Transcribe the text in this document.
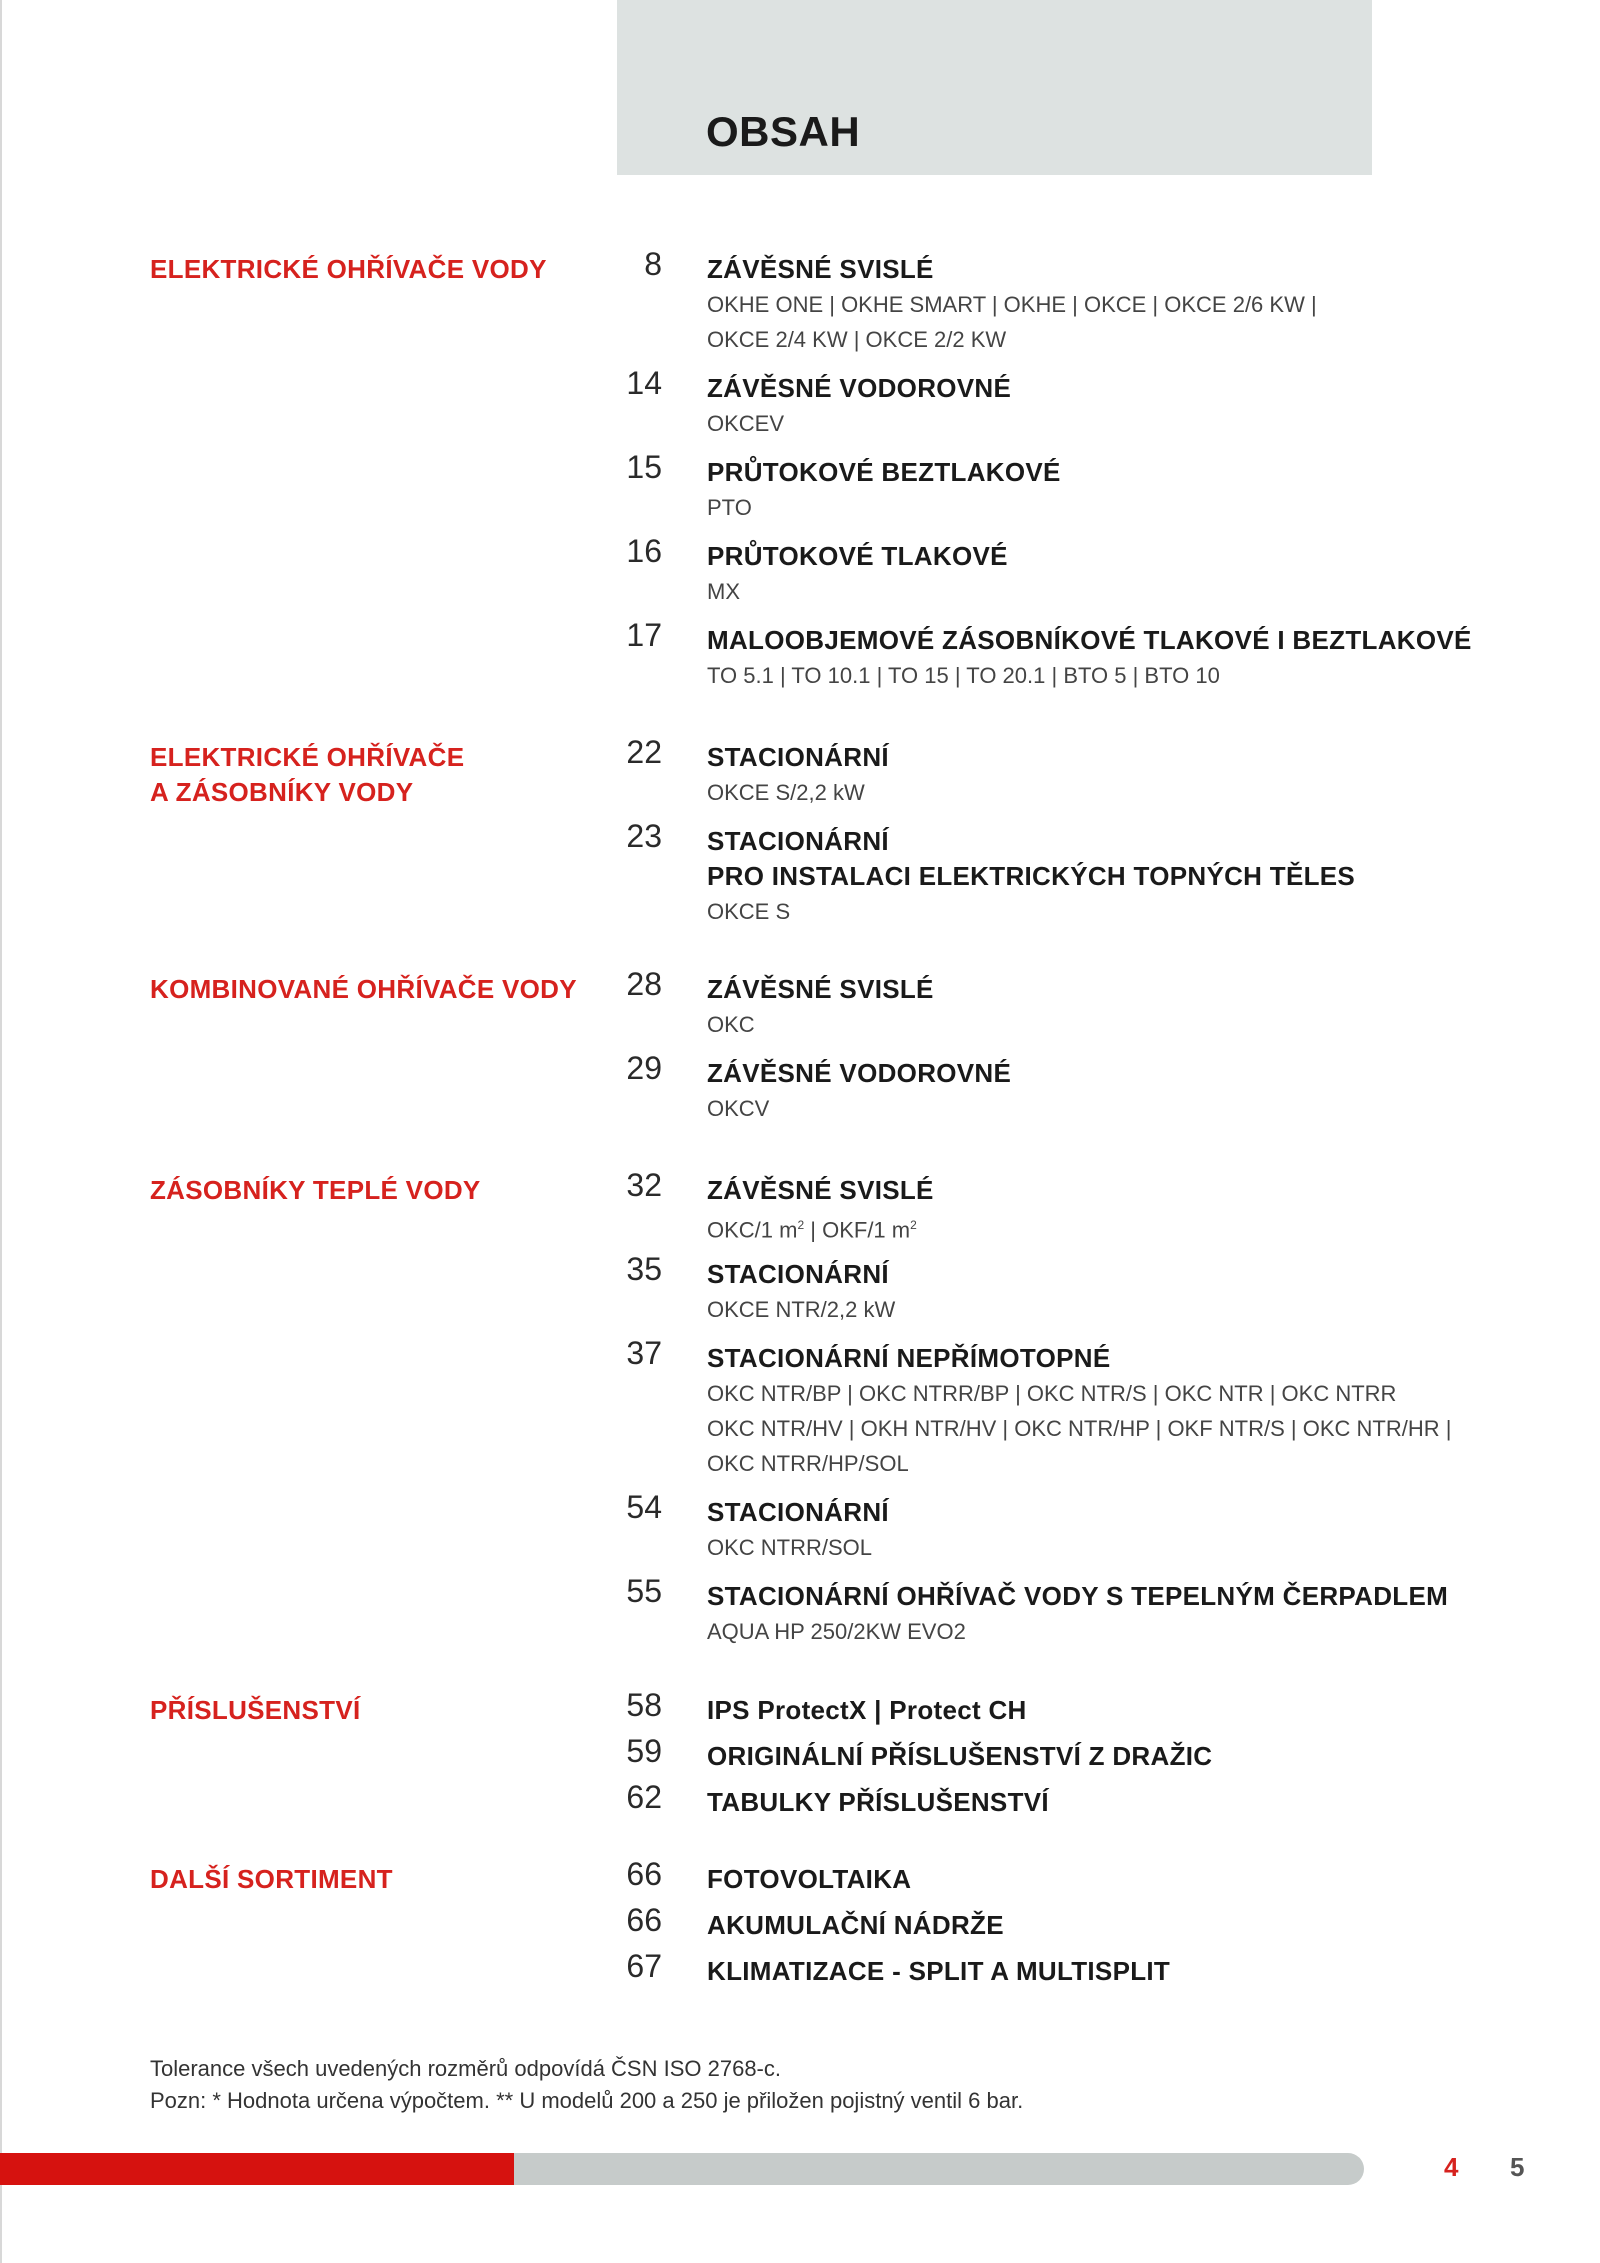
OBSAH
ELEKTRICKÉ OHŘÍVAČE VODY	8 ZÁVĚSNÉ SVISLÉ
OKHE ONE | OKHE SMART | OKHE | OKCE | OKCE 2/6 KW |
OKCE 2/4 KW | OKCE 2/2 KW
14 ZÁVĚSNÉ VODOROVNÉ
OKCEV
15 PRŮTOKOVÉ BEZTLAKOVÉ
PTO
16 PRŮTOKOVÉ TLAKOVÉ
MX
17 MALOOBJEMOVÉ ZÁSOBNÍKOVÉ TLAKOVÉ I BEZTLAKOVÉ
TO 5.1 | TO 10.1 | TO 15 | TO 20.1 | BTO 5 | BTO 10
ELEKTRICKÉ OHŘÍVAČE
A ZÁSOBNÍKY VODY
22 STACIONÁRNÍ
OKCE S/2,2 kW
23 STACIONÁRNÍ
PRO INSTALACI ELEKTRICKÝCH TOPNÝCH TĚLES
OKCE S
KOMBINOVANÉ OHŘÍVAČE VODY	28 ZÁVĚSNÉ SVISLÉ
OKC
29 ZÁVĚSNÉ VODOROVNÉ
OKCV
ZÁSOBNÍKY TEPLÉ VODY	32 ZÁVĚSNÉ SVISLÉ
OKC/1 $m^2$ | OKF/1 $m^2$
35 STACIONÁRNÍ
OKCE NTR/2,2 kW
37 STACIONÁRNÍ NEPŘÍMOTOPNÉ
OKC NTR/BP | OKC NTRR/BP | OKC NTR/S | OKC NTR | OKC NTRR
OKC NTR/HV | OKH NTR/HV | OKC NTR/HP | OKF NTR/S | OKC NTR/HR |
OKC NTRR/HP/SOL
54 STACIONÁRNÍ
OKC NTRR/SOL
55 STACIONÁRNÍ OHŘÍVAČ VODY S TEPELNÝM ČERPADLEM
AQUA HP 250/2KW EVO2
PŘÍSLUŠENSTVÍ	58 IPS ProtectX | Protect CH
59 ORIGINÁLNÍ PŘÍSLUŠENSTVÍ Z DRAŽIC
62 TABULKY PŘÍSLUŠENSTVÍ
DALŠÍ SORTIMENT	66 FOTOVOLTAIKA
66 AKUMULAČNÍ NÁDRŽE
67 KLIMATIZACE - SPLIT A MULTISPLIT
Tolerance všech uvedených rozměrů odpovídá ČSN ISO 2768-c.
Pozn: * Hodnota určena výpočtem. ** U modelů 200 a 250 je přiložen pojistný ventil 6 bar.
4 5
